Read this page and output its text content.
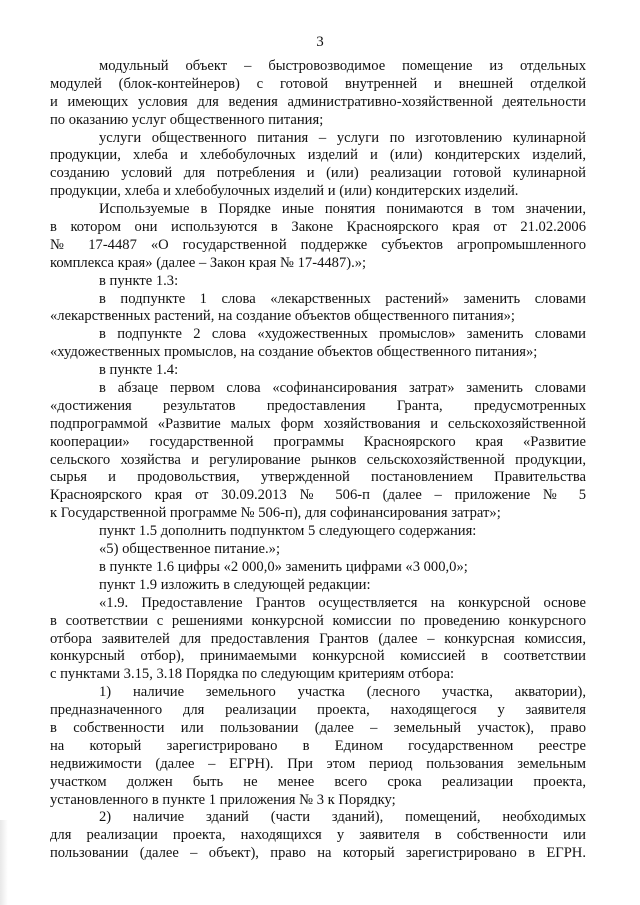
3
модульный объект – быстровозводимое помещение из отдельных
модулей (блок-контейнеров) с готовой внутренней и внешней отделкой
и имеющих условия для ведения административно-хозяйственной деятельности
по оказанию услуг общественного питания;
услуги общественного питания – услуги по изготовлению кулинарной
продукции, хлеба и хлебобулочных изделий и (или) кондитерских изделий,
созданию условий для потребления и (или) реализации готовой кулинарной
продукции, хлеба и хлебобулочных изделий и (или) кондитерских изделий.
Используемые в Порядке иные понятия понимаются в том значении,
в котором они используются в Законе Красноярского края от 21.02.2006
№ 17-4487 «О государственной поддержке субъектов агропромышленного
комплекса края» (далее – Закон края № 17-4487).»;
в пункте 1.3:
в подпункте 1 слова «лекарственных растений» заменить словами
«лекарственных растений, на создание объектов общественного питания»;
в подпункте 2 слова «художественных промыслов» заменить словами
«художественных промыслов, на создание объектов общественного питания»;
в пункте 1.4:
в абзаце первом слова «софинансирования затрат» заменить словами
«достижения результатов предоставления Гранта, предусмотренных
подпрограммой «Развитие малых форм хозяйствования и сельскохозяйственной
кооперации» государственной программы Красноярского края «Развитие
сельского хозяйства и регулирование рынков сельскохозяйственной продукции,
сырья и продовольствия, утвержденной постановлением Правительства
Красноярского края от 30.09.2013 № 506-п (далее – приложение № 5
к Государственной программе № 506-п), для софинансирования затрат»;
пункт 1.5 дополнить подпунктом 5 следующего содержания:
«5) общественное питание.»;
в пункте 1.6 цифры «2 000,0» заменить цифрами «3 000,0»;
пункт 1.9 изложить в следующей редакции:
«1.9. Предоставление Грантов осуществляется на конкурсной основе
в соответствии с решениями конкурсной комиссии по проведению конкурсного
отбора заявителей для предоставления Грантов (далее – конкурсная комиссия,
конкурсный отбор), принимаемыми конкурсной комиссией в соответствии
с пунктами 3.15, 3.18 Порядка по следующим критериям отбора:
1) наличие земельного участка (лесного участка, акватории),
предназначенного для реализации проекта, находящегося у заявителя
в собственности или пользовании (далее – земельный участок), право
на который зарегистрировано в Едином государственном реестре
недвижимости (далее – ЕГРН). При этом период пользования земельным
участком должен быть не менее всего срока реализации проекта,
установленного в пункте 1 приложения № 3 к Порядку;
2) наличие зданий (части зданий), помещений, необходимых
для реализации проекта, находящихся у заявителя в собственности или
пользовании (далее – объект), право на который зарегистрировано в ЕГРН.
